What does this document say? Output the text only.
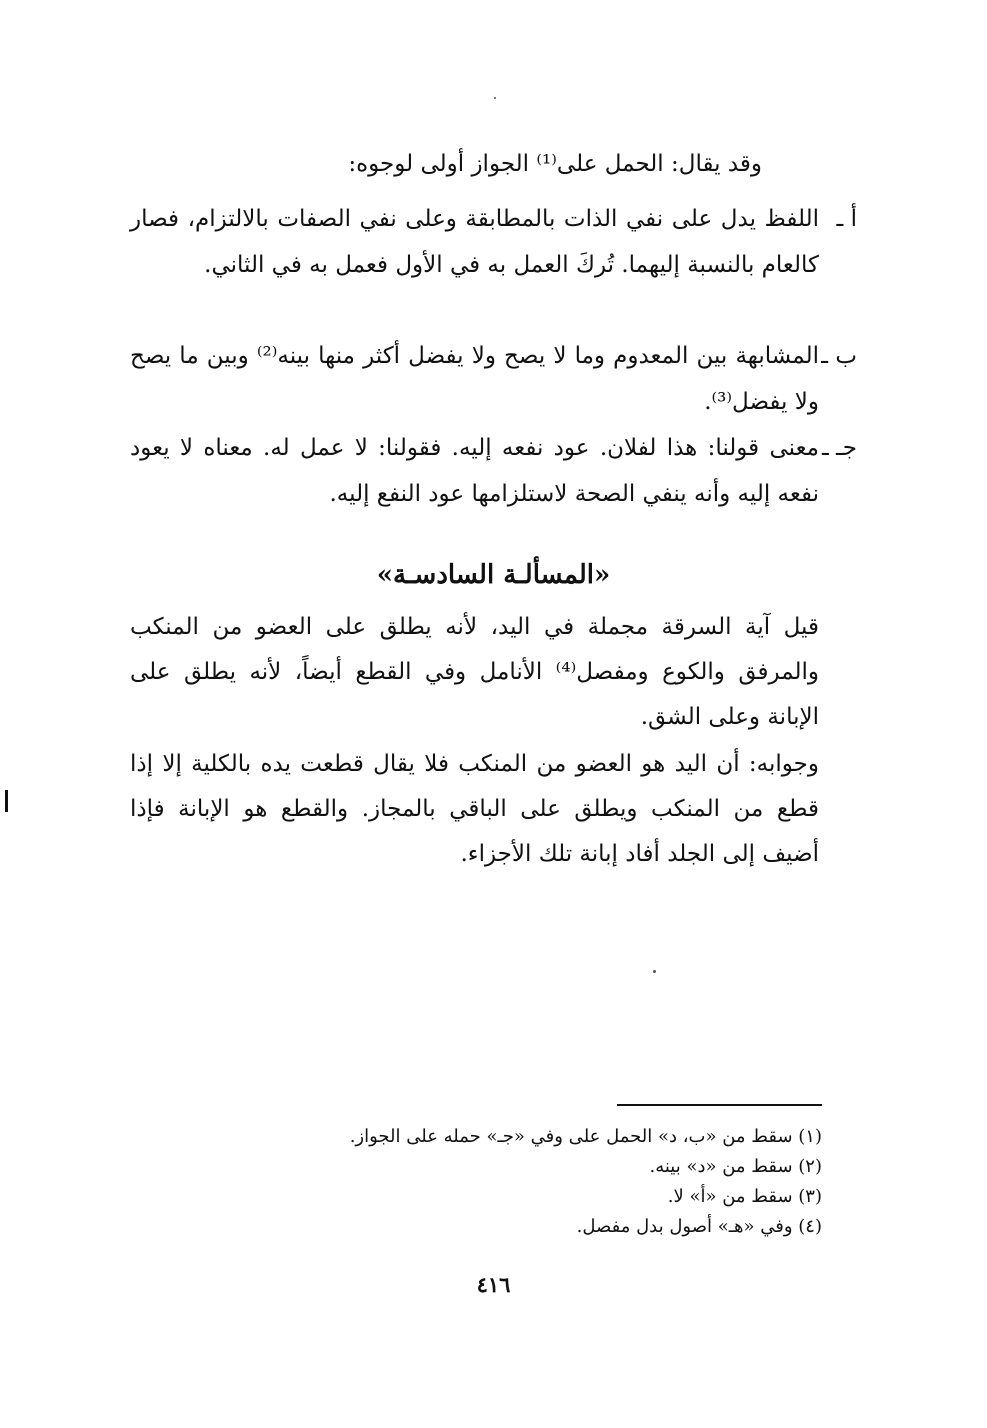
وقد يقال: الحمل على⁽¹⁾ الجواز أولى لوجوه:
أ ـ
اللفظ يدل على نفي الذات بالمطابقة وعلى نفي الصفات بالالتزام، فصار كالعام بالنسبة إليهما. تُركَ العمل به في الأول فعمل به في الثاني.
ب ـ
المشابهة بين المعدوم وما لا يصح ولا يفضل أكثر منها بينه⁽²⁾ وبين ما يصح ولا يفضل⁽³⁾.
جـ ـ
معنى قولنا: هذا لفلان. عود نفعه إليه. فقولنا: لا عمل له. معناه لا يعود نفعه إليه وأنه ينفي الصحة لاستلزامها عود النفع إليه.
«المسألـة السادسـة»
قيل آية السرقة مجملة في اليد، لأنه يطلق على العضو من المنكب والمرفق والكوع ومفصل⁽⁴⁾ الأنامل وفي القطع أيضاً، لأنه يطلق على الإبانة وعلى الشق.
وجوابه: أن اليد هو العضو من المنكب فلا يقال قطعت يده بالكلية إلا إذا قطع من المنكب ويطلق على الباقي بالمجاز. والقطع هو الإبانة فإذا أضيف إلى الجلد أفاد إبانة تلك الأجزاء.
(١) سقط من «ب، د» الحمل على وفي «جـ» حمله على الجواز.
(٢) سقط من «د» بينه.
(٣) سقط من «أ» لا.
(٤) وفي «هـ» أصول بدل مفصل.
٤١٦
